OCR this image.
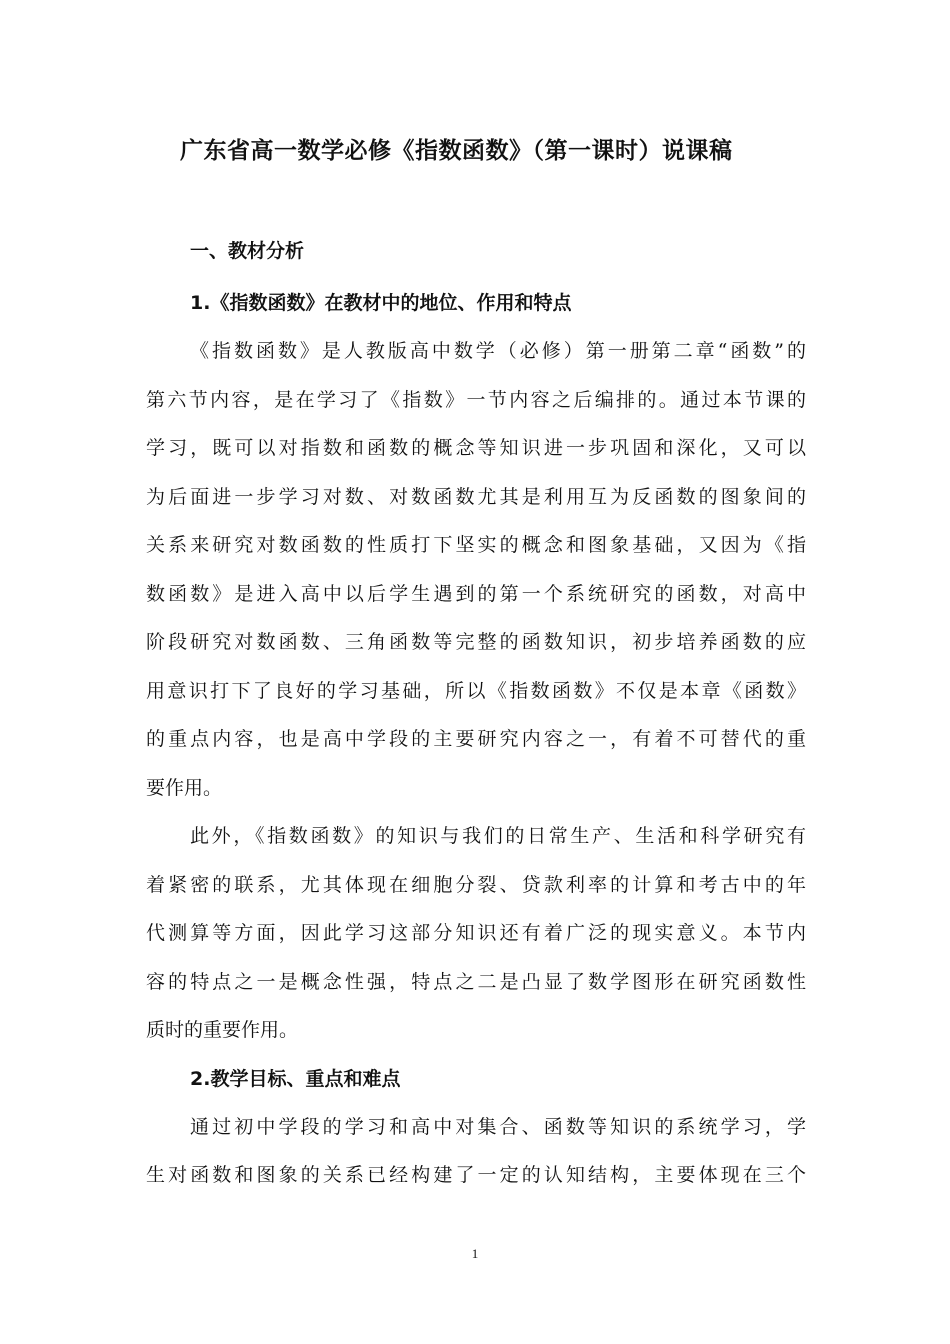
广东省高一数学必修《指数函数》（第一课时）说课稿
一、教材分析
1.《指数函数》在教材中的地位、作用和特点
《指数函数》是人教版高中数学（必修）第一册第二章“函数”的
第六节内容，是在学习了《指数》一节内容之后编排的。通过本节课的
学习，既可以对指数和函数的概念等知识进一步巩固和深化，又可以
为后面进一步学习对数、对数函数尤其是利用互为反函数的图象间的
关系来研究对数函数的性质打下坚实的概念和图象基础，又因为《指
数函数》是进入高中以后学生遇到的第一个系统研究的函数，对高中
阶段研究对数函数、三角函数等完整的函数知识，初步培养函数的应
用意识打下了良好的学习基础，所以《指数函数》不仅是本章《函数》
的重点内容，也是高中学段的主要研究内容之一，有着不可替代的重
要作用。
此外，《指数函数》的知识与我们的日常生产、生活和科学研究有
着紧密的联系，尤其体现在细胞分裂、贷款利率的计算和考古中的年
代测算等方面，因此学习这部分知识还有着广泛的现实意义。本节内
容的特点之一是概念性强，特点之二是凸显了数学图形在研究函数性
质时的重要作用。
2.教学目标、重点和难点
通过初中学段的学习和高中对集合、函数等知识的系统学习，学
生对函数和图象的关系已经构建了一定的认知结构，主要体现在三个
1
